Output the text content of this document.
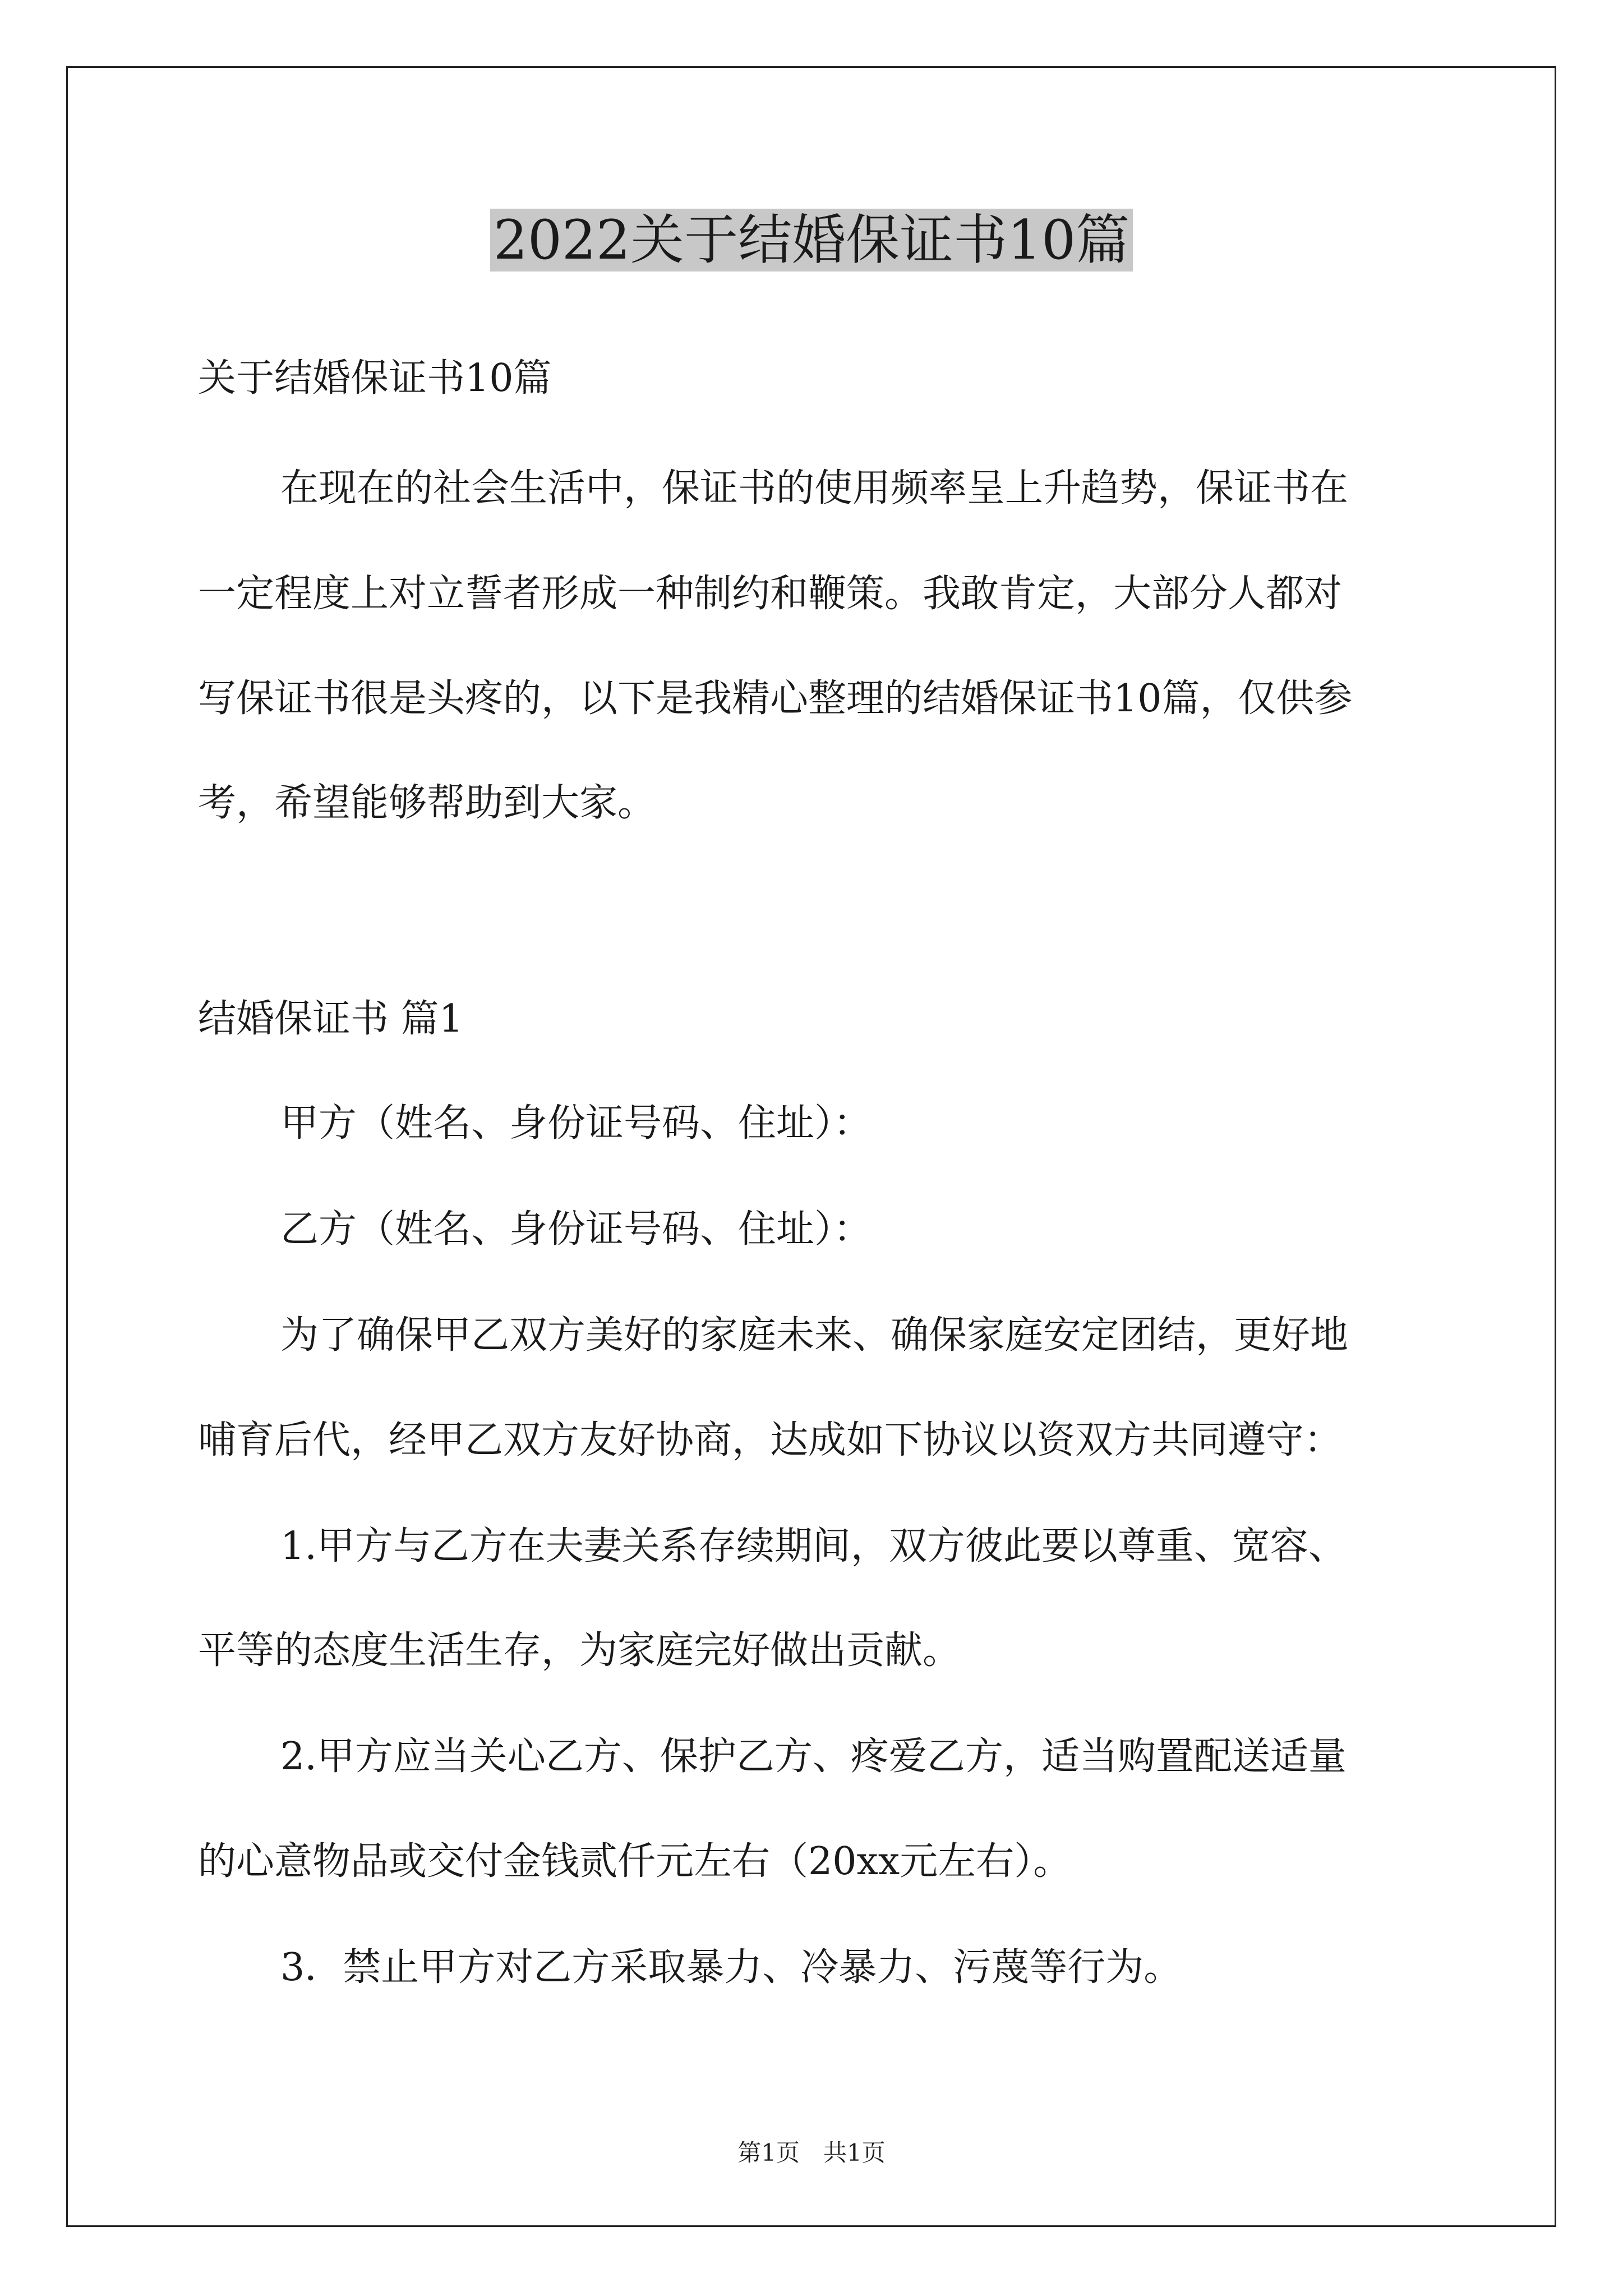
2022关于结婚保证书10篇

关于结婚保证书10篇

在现在的社会生活中，保证书的使用频率呈上升趋势，保证书在

一定程度上对立誓者形成一种制约和鞭策。我敢肯定，大部分人都对

写保证书很是头疼的，以下是我精心整理的结婚保证书10篇，仅供参

考，希望能够帮助到大家。

结婚保证书 篇1

甲方（姓名、身份证号码、住址）：

乙方（姓名、身份证号码、住址）：

为了确保甲乙双方美好的家庭未来、确保家庭安定团结，更好地

哺育后代，经甲乙双方友好协商，达成如下协议以资双方共同遵守：

1.甲方与乙方在夫妻关系存续期间，双方彼此要以尊重、宽容、

平等的态度生活生存，为家庭完好做出贡献。

2.甲方应当关心乙方、保护乙方、疼爱乙方，适当购置配送适量

的心意物品或交付金钱贰仟元左右（20xx元左右）。

3．禁止甲方对乙方采取暴力、冷暴力、污蔑等行为。

第1页　共1页
